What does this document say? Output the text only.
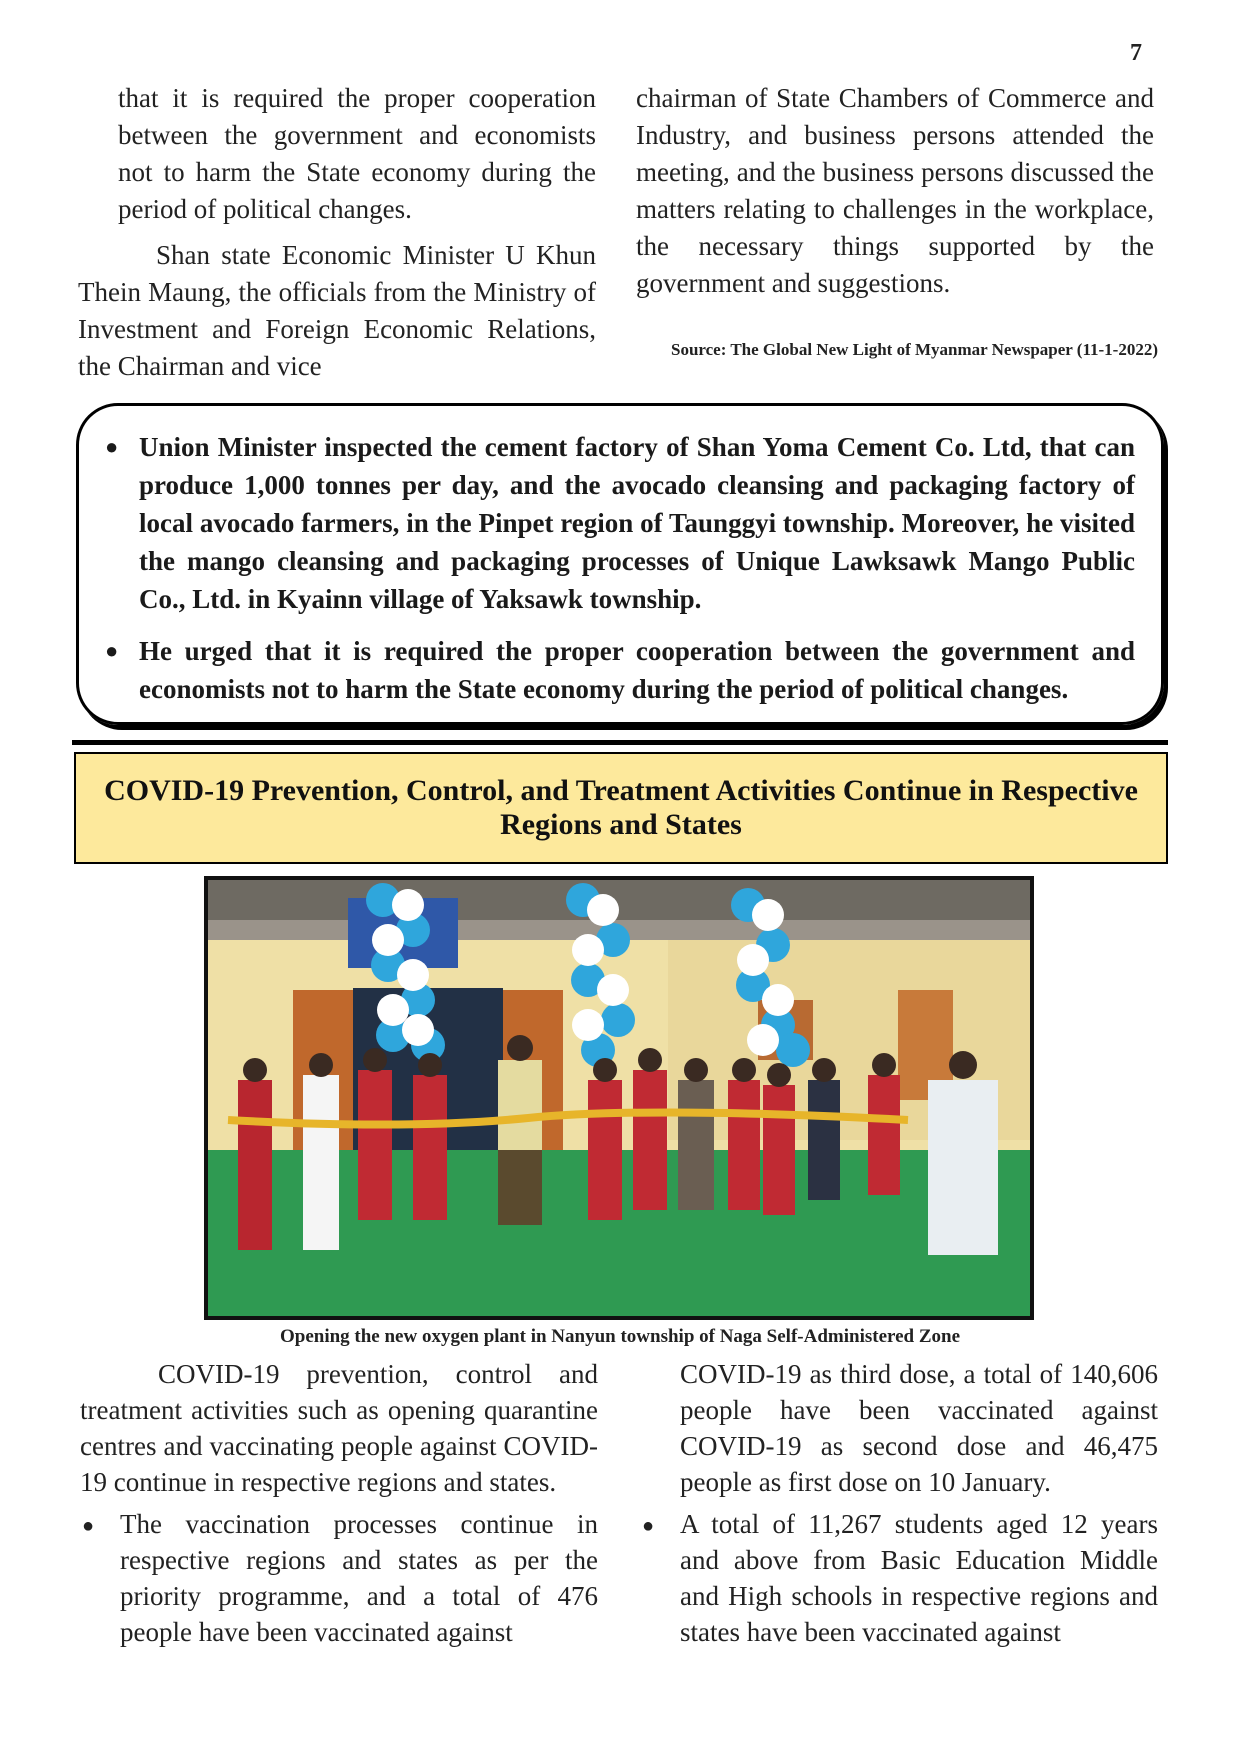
7

that it is required the proper cooperation between the government and economists not to harm the State economy during the period of political changes.

Shan state Economic Minister U Khun Thein Maung, the officials from the Ministry of Investment and Foreign Economic Relations, the Chairman and vice

chairman of State Chambers of Commerce and Industry, and business persons attended the meeting, and the business persons discussed the matters relating to challenges in the workplace, the necessary things supported by the government and suggestions.

Source: The Global New Light of Myanmar Newspaper (11-1-2022)
● Union Minister inspected the cement factory of Shan Yoma Cement Co. Ltd, that can produce 1,000 tonnes per day, and the avocado cleansing and packaging factory of local avocado farmers, in the Pinpet region of Taunggyi township. Moreover, he visited the mango cleansing and packaging processes of Unique Lawksawk Mango Public Co., Ltd. in Kyainn village of Yaksawk township.
● He urged that it is required the proper cooperation between the government and economists not to harm the State economy during the period of political changes.
COVID-19 Prevention, Control, and Treatment Activities Continue in Respective Regions and States
Opening the new oxygen plant in Nanyun township of Naga Self-Administered Zone

COVID-19 prevention, control and treatment activities such as opening quarantine centres and vaccinating people against COVID-19 continue in respective regions and states.

● The vaccination processes continue in respective regions and states as per the priority programme, and a total of 476 people have been vaccinated against

COVID-19 as third dose, a total of 140,606 people have been vaccinated against COVID-19 as second dose and 46,475 people as first dose on 10 January.

● A total of 11,267 students aged 12 years and above from Basic Education Middle and High schools in respective regions and states have been vaccinated against
